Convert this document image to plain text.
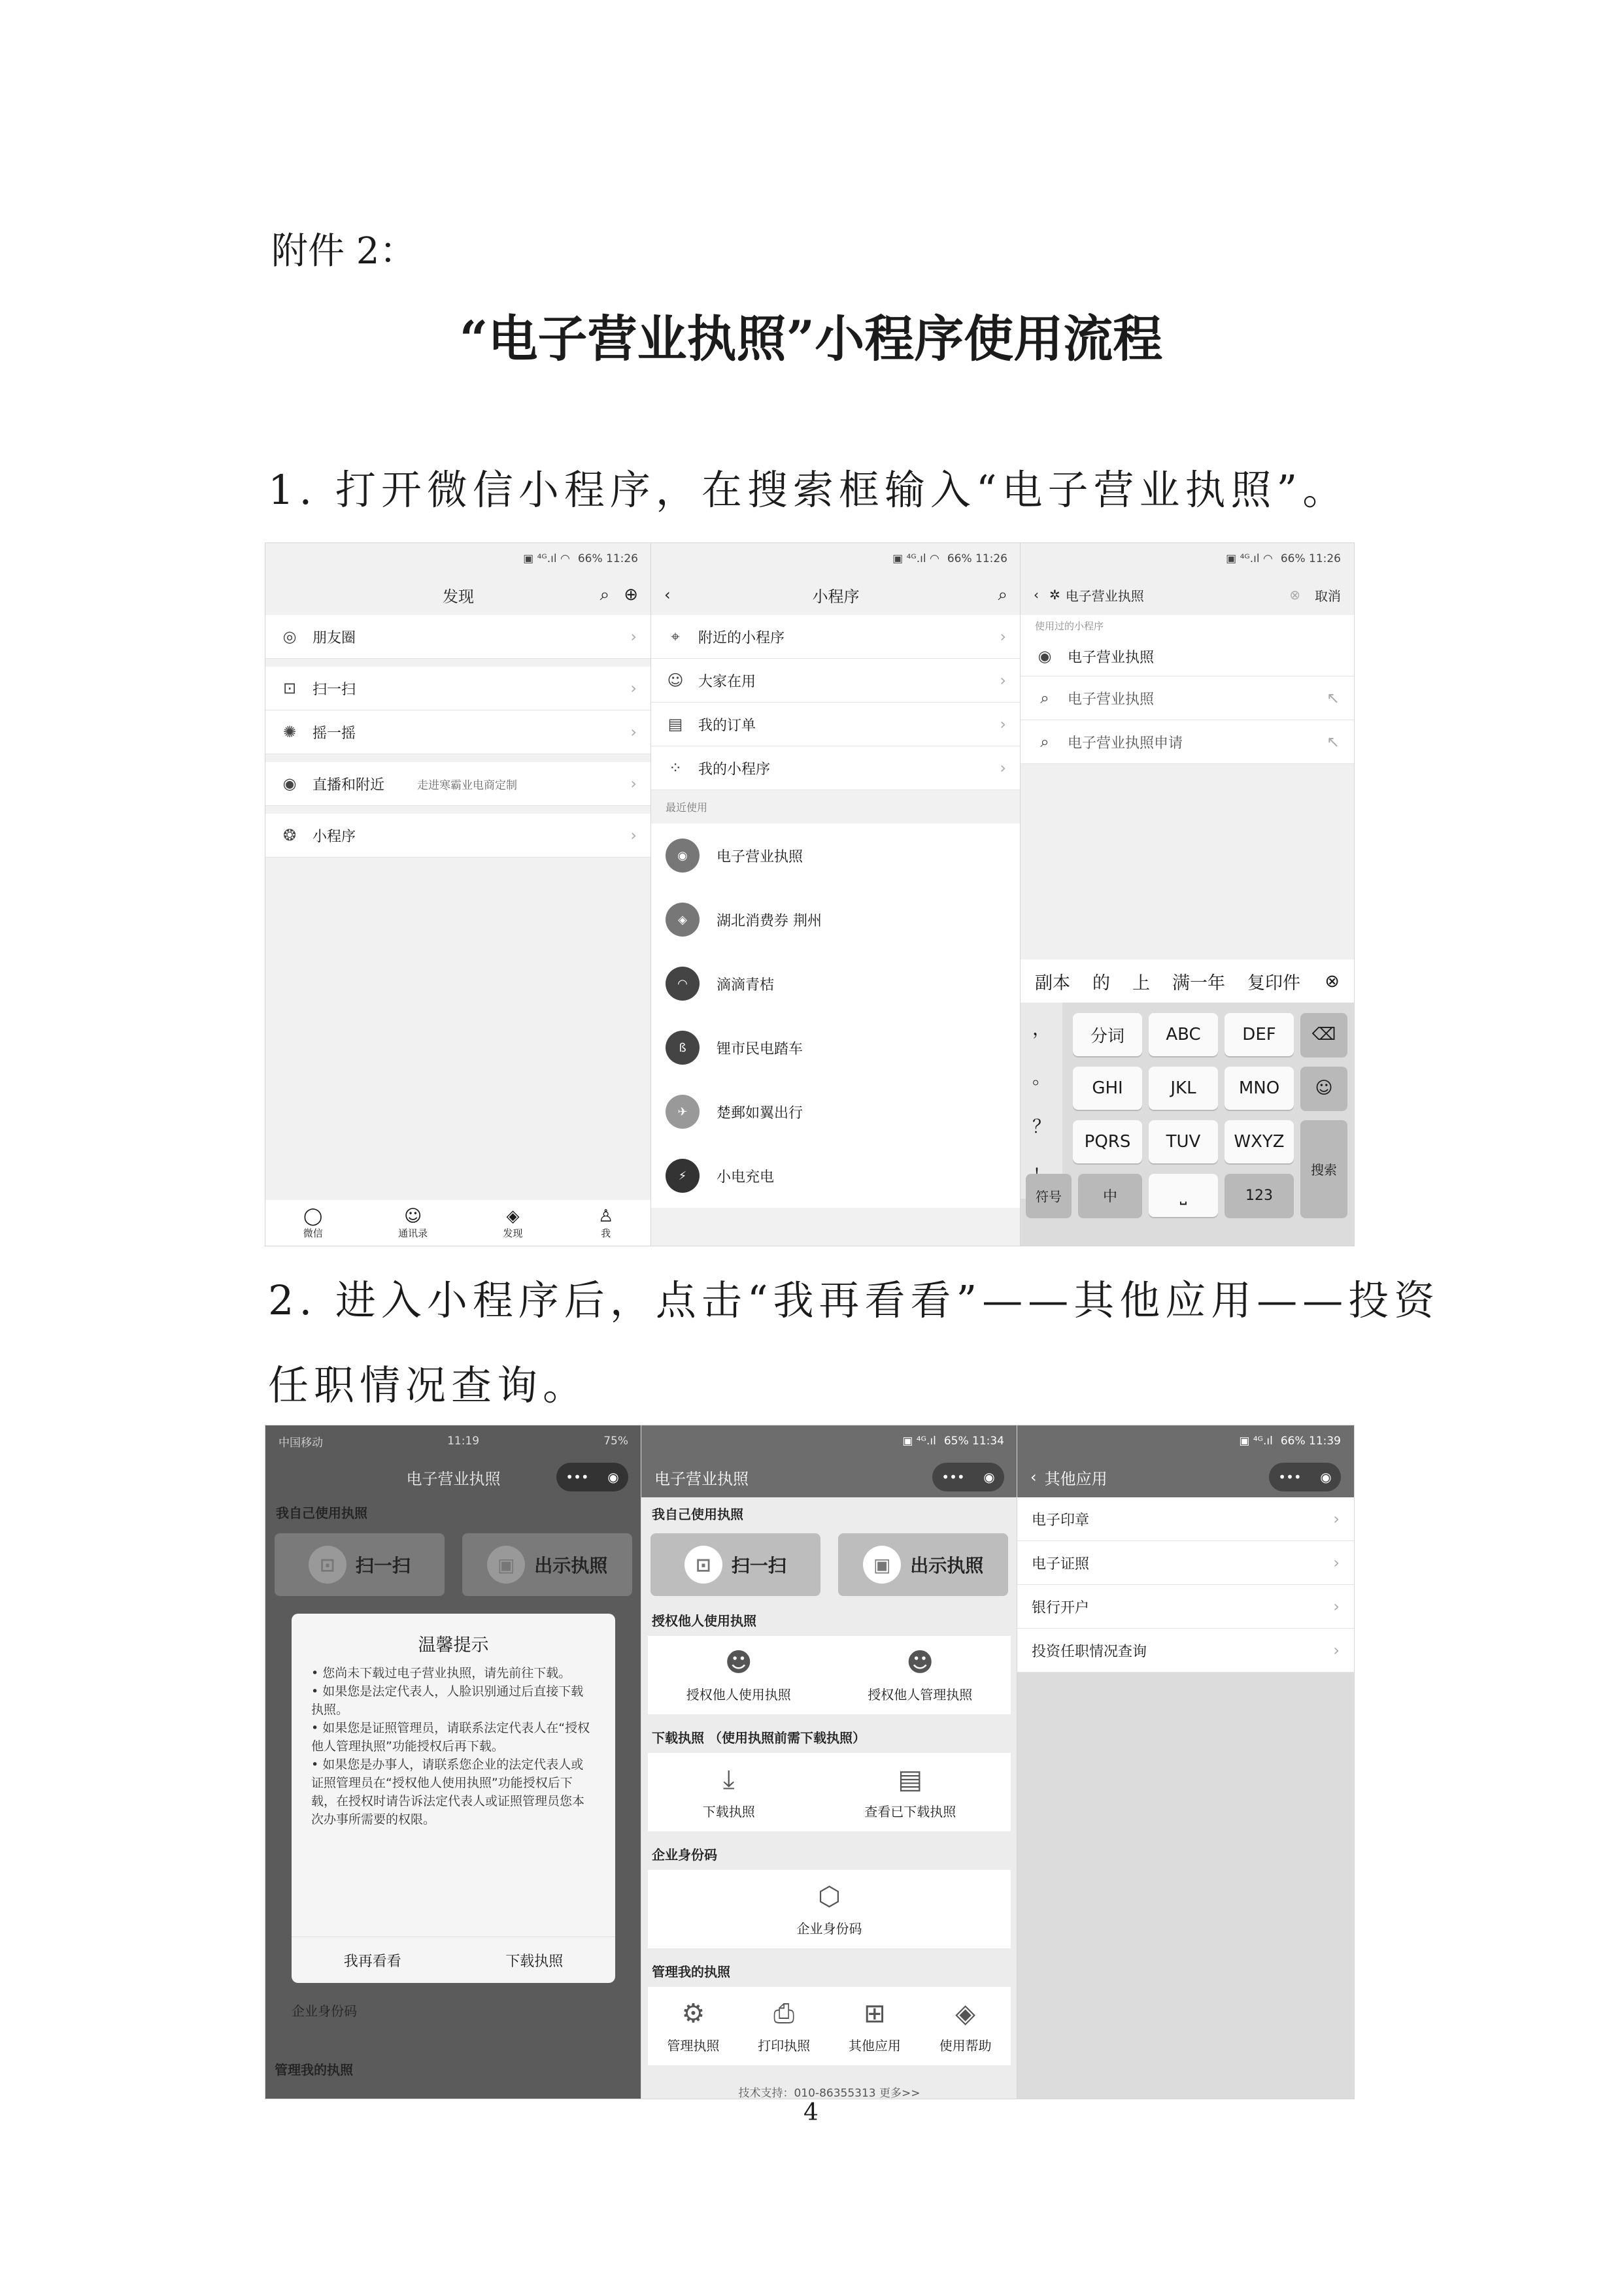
附件 2：
“电子营业执照”小程序使用流程
1. 打开微信小程序，在搜索框输入“电子营业执照”。
▣ ⁴ᴳ.ıl ◠ 66% 11:26
发现	⌕ ⊕
◎ 朋友圈	›
⊡ 扫一扫	›
✺ 摇一摇	›
◉ 直播和附近	走进寒霸业电商定制	›
❂ 小程序	›
◯
微信
☺
通讯录
◈
发现
♙
我
▣ ⁴ᴳ.ıl ◠ 66% 11:26
‹	小程序	⌕
⌖	附近的小程序	›
☺ 大家在用	›
▤ 我的订单	›
⁘ 我的小程序	›
最近使用
◉	电子营业执照
◈	湖北消费券 荆州
◠	滴滴青桔
ß	锂市民电踏车
✈	楚郵如翼出行
⚡	小电充电
▣ ⁴ᴳ.ıl ◠ 66% 11:26
‹ ✲ 电子营业执照	⊗ 取消
使用过的小程序
◉ 电子营业执照
⌕	电子营业执照	↖
⌕	电子营业执照申请	↖
副本 的 上 满一年 复印件 ⊗
，
。
？
分词	ABC	DEF	⌫
GHI	JKL	MNO	☺
PQRS	TUV	WXYZ
搜索
符号	中	⎵	123
2. 进入小程序后，点击“我再看看”——其他应用——投资
任职情况查询。
中国移动	11:19	75%
电子营业执照	••• ◉
我自己使用执照
⊡	扫一扫	▣	出示执照
企业身份码
管理我的执照
温馨提示
• 您尚未下载过电子营业执照，请先前往下载。
• 如果您是法定代表人，人脸识别通过后直接下载执照。
• 如果您是证照管理员，请联系法定代表人在“授权他人管理执照”功能授权后再下载。
• 如果您是办事人，请联系您企业的法定代表人或证照管理员在“授权他人使用执照”功能授权后下载，在授权时请告诉法定代表人或证照管理员您本次办事所需要的权限。
我再看看	下载执照
▣ ⁴ᴳ.ıl 65% 11:34
电子营业执照	••• ◉
我自己使用执照
⊡	扫一扫	▣	出示执照
授权他人使用执照
☻
授权他人使用执照
☻
授权他人管理执照
下载执照 （使用执照前需下载执照）
⤓
下载执照
▤
查看已下载执照
企业身份码
⬡
企业身份码
管理我的执照
⚙
管理执照
⎙
打印执照
⊞
其他应用
◈
使用帮助
技术支持：010-86355313 更多>>
▣ ⁴ᴳ.ıl 66% 11:39
‹ 其他应用	••• ◉
电子印章	›
电子证照	›
银行开户	›
投资任职情况查询	›
4
